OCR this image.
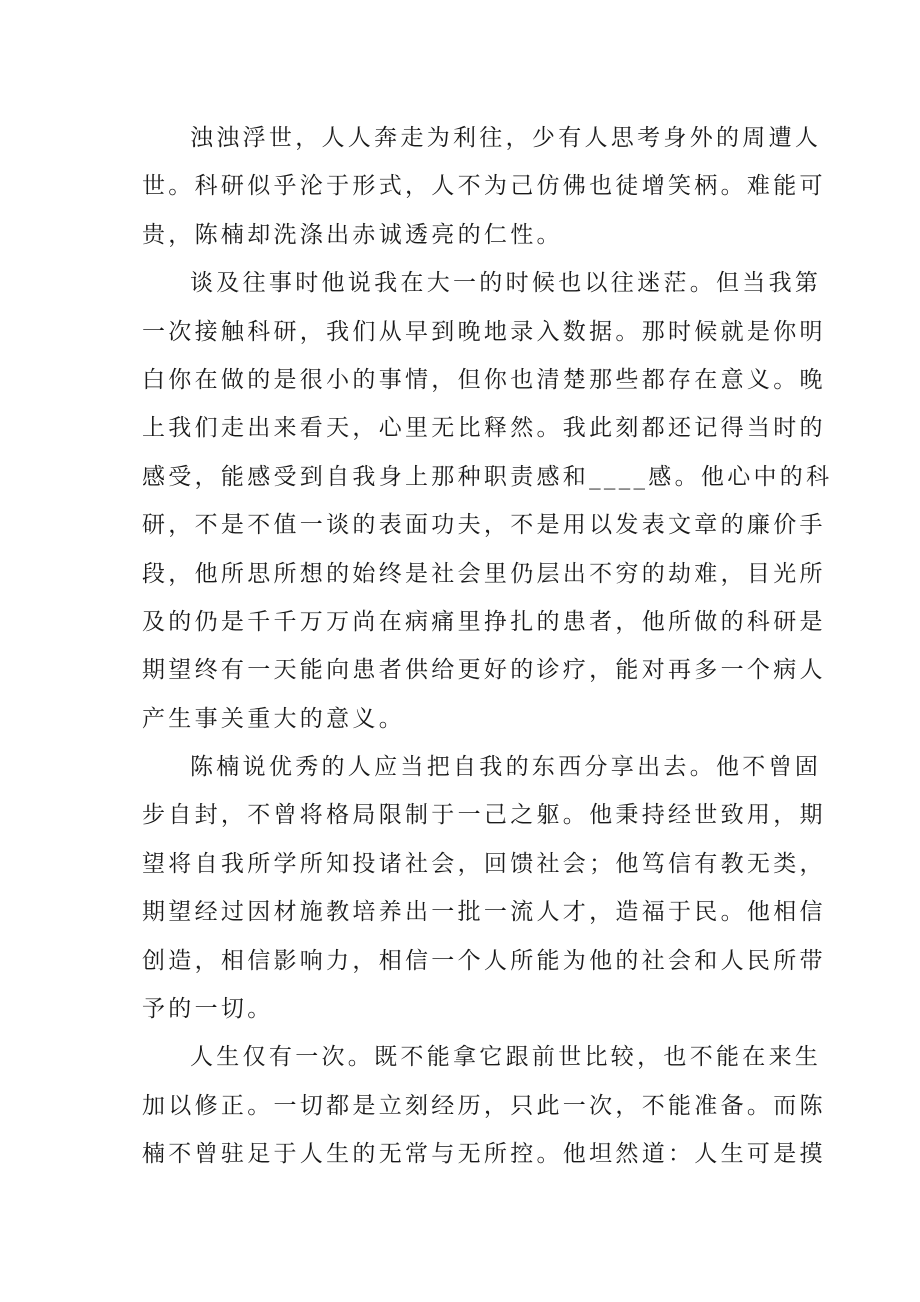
浊浊浮世，人人奔走为利往，少有人思考身外的周遭人
世。科研似乎沦于形式，人不为己仿佛也徒增笑柄。难能可
贵，陈楠却洗涤出赤诚透亮的仁性。
谈及往事时他说我在大一的时候也以往迷茫。但当我第
一次接触科研，我们从早到晚地录入数据。那时候就是你明
白你在做的是很小的事情，但你也清楚那些都存在意义。晚
上我们走出来看天，心里无比释然。我此刻都还记得当时的
感受，能感受到自我身上那种职责感和____感。他心中的科
研，不是不值一谈的表面功夫，不是用以发表文章的廉价手
段，他所思所想的始终是社会里仍层出不穷的劫难，目光所
及的仍是千千万万尚在病痛里挣扎的患者，他所做的科研是
期望终有一天能向患者供给更好的诊疗，能对再多一个病人
产生事关重大的意义。
陈楠说优秀的人应当把自我的东西分享出去。他不曾固
步自封，不曾将格局限制于一己之躯。他秉持经世致用，期
望将自我所学所知投诸社会，回馈社会；他笃信有教无类，
期望经过因材施教培养出一批一流人才，造福于民。他相信
创造，相信影响力，相信一个人所能为他的社会和人民所带
予的一切。
人生仅有一次。既不能拿它跟前世比较，也不能在来生
加以修正。一切都是立刻经历，只此一次，不能准备。而陈
楠不曾驻足于人生的无常与无所控。他坦然道：人生可是摸
